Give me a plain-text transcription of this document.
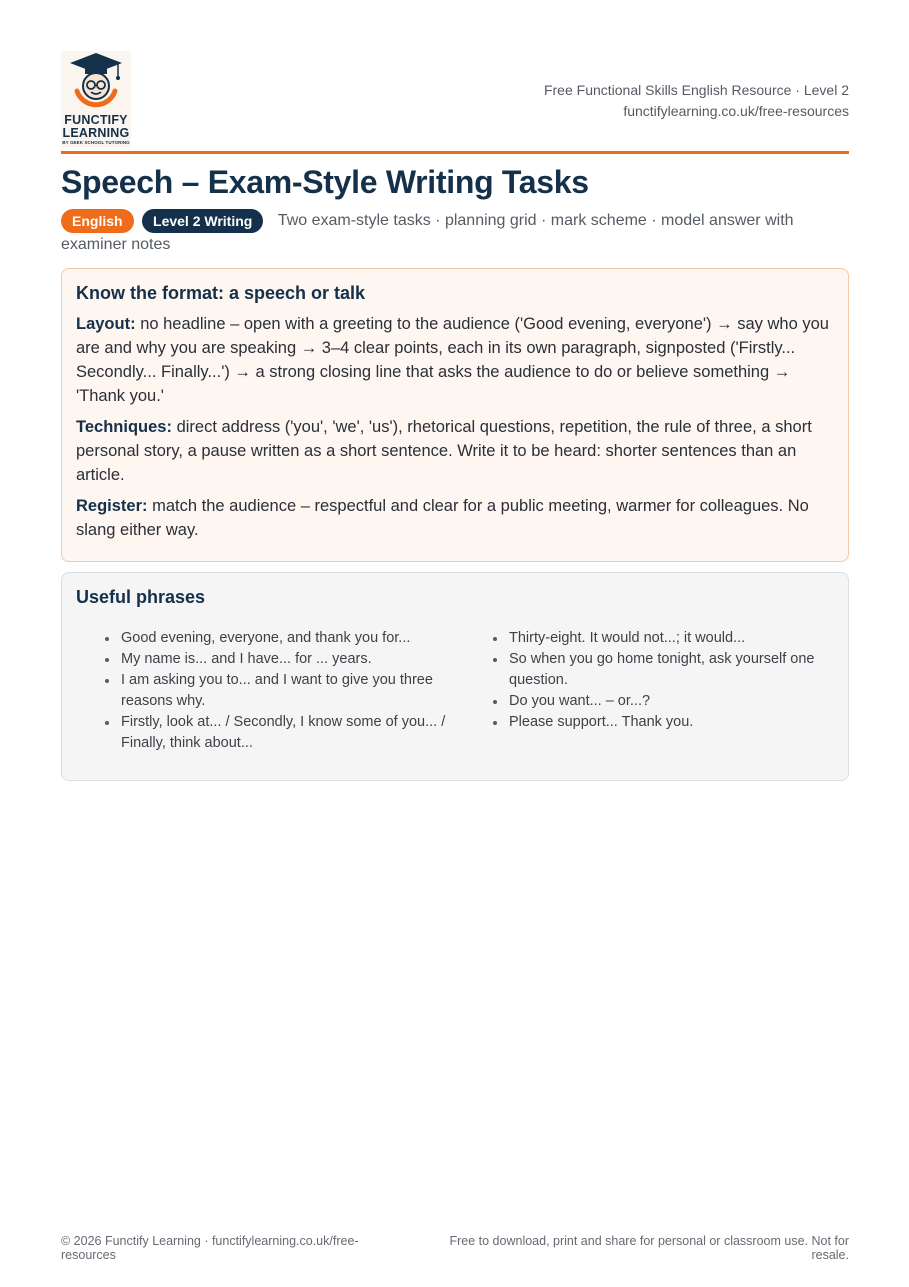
FUNCTIFY
LEARNING
BY GEEK SCHOOL TUTORING
Free Functional Skills English Resource · Level 2
functifylearning.co.uk/free-resources
Speech – Exam-Style Writing Tasks
English Level 2 Writing Two exam-style tasks · planning grid · mark scheme · model answer with examiner notes
Know the format: a speech or talk

Layout: no headline – open with a greeting to the audience ('Good evening, everyone') → say who you are and why you are speaking → 3–4 clear points, each in its own paragraph, signposted ('Firstly... Secondly... Finally...') → a strong closing line that asks the audience to do or believe something → 'Thank you.'

Techniques: direct address ('you', 'we', 'us'), rhetorical questions, repetition, the rule of three, a short personal story, a pause written as a short sentence. Write it to be heard: shorter sentences than an article.

Register: match the audience – respectful and clear for a public meeting, warmer for colleagues. No slang either way.

Useful phrases
Good evening, everyone, and thank you for...
My name is... and I have... for ... years.
I am asking you to... and I want to give you three reasons why.
Firstly, look at... / Secondly, I know some of you... / Finally, think about...
Thirty-eight. It would not...; it would...
So when you go home tonight, ask yourself one question.
Do you want... – or...?
Please support... Thank you.
© 2026 Functify Learning · functifylearning.co.uk/free-resources
Free to download, print and share for personal or classroom use. Not for resale.
